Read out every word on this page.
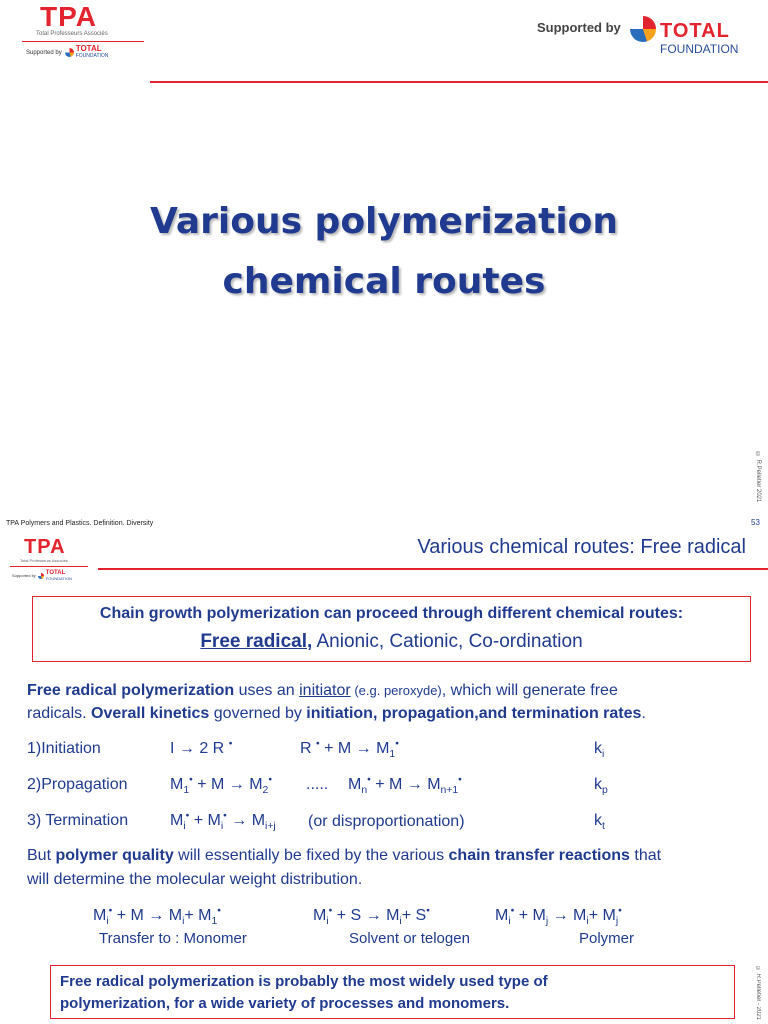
TPA
Total Professeurs Associés
Supported by TOTAL
FOUNDATION
Supported by TOTAL
FOUNDATION
Various polymerization
chemical routes
© R.Pelletier 2021
53
TPA Polymers and Plastics. Definition. Diversity
TPA
Total Professeurs Associés
Supported by TOTAL
FOUNDATION
Various chemical routes: Free radical
Chain growth polymerization can proceed through different chemical routes:
Free radical, Anionic, Cationic, Co-ordination
Free radical polymerization uses an initiator (e.g. peroxyde), which will generate free
radicals. Overall kinetics governed by initiation, propagation,and termination rates.
1)Initiation	I → 2 R •	R $^• + M \to M_1^•$	$k_i$
2)Propagation	$M_1^• + M \to M_2^•$ ..... $M_n^• + M \to M_{n+1}^•$	$k_p$
3) Termination	$M_i^• + M_i^• \to M_{i+j}$ (or disproportionation)	$k_t$
But polymer quality will essentially be fixed by the various chain transfer reactions that
will determine the molecular weight distribution.
$M_i^• + M \to M_i+ M_1^•$	$M_i^• + S \to M_i+ S^•$	$M_i^• + M_j \to M_i+ M_j^•$
Transfer to : Monomer	Solvent or telogen	Polymer
Free radical polymerization is probably the most widely used type of
polymerization, for a wide variety of processes and monomers.	© R.Pelletier - 2021
